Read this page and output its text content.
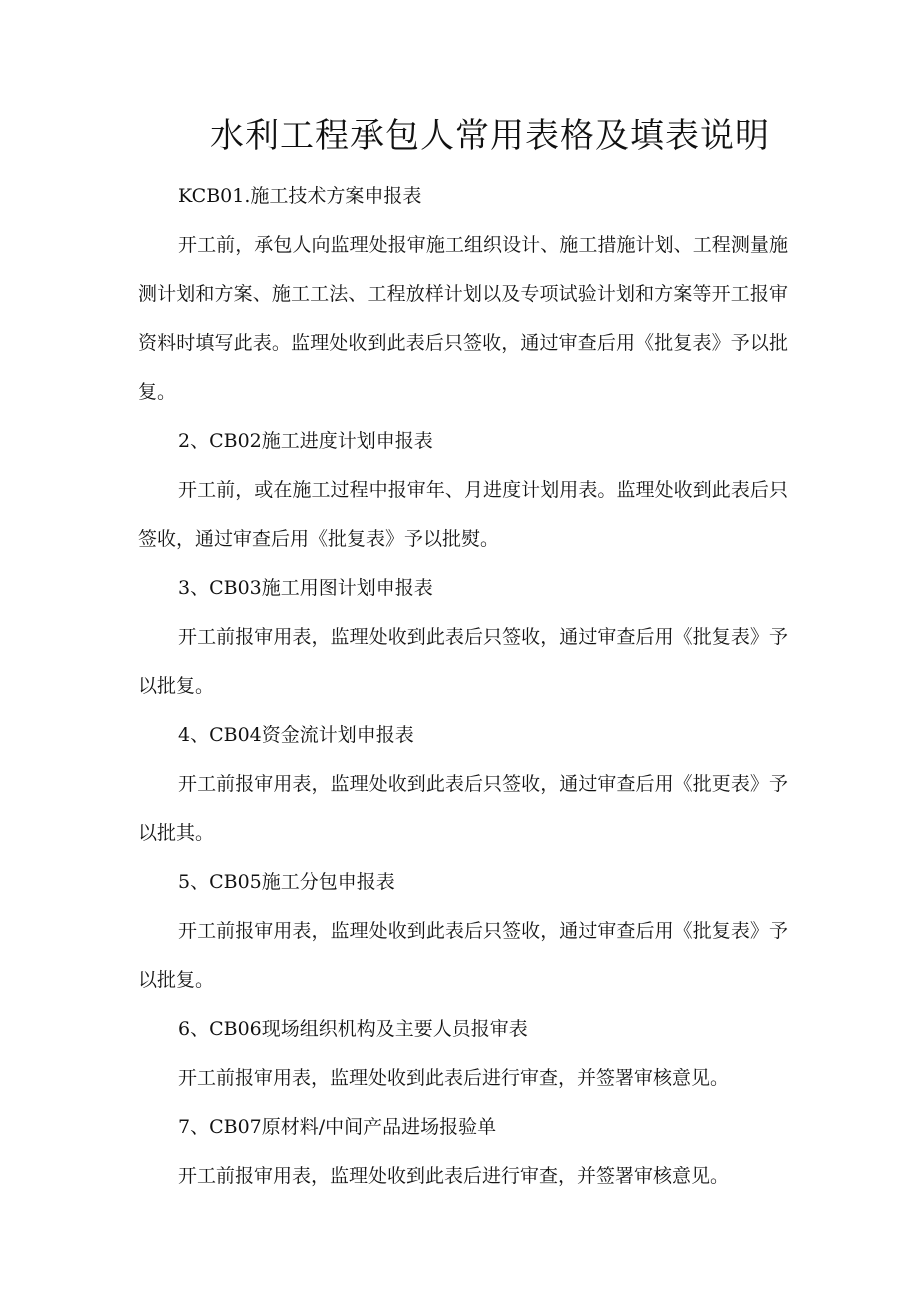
水利工程承包人常用表格及填表说明

KCB01.施工技术方案申报表

开工前，承包人向监理处报审施工组织设计、施工措施计划、工程测量施测计划和方案、施工工法、工程放样计划以及专项试验计划和方案等开工报审资料时填写此表。监理处收到此表后只签收，通过审查后用《批复表》予以批复。

2、CB02施工进度计划申报表

开工前，或在施工过程中报审年、月进度计划用表。监理处收到此表后只签收，通过审查后用《批复表》予以批熨。

3、CB03施工用图计划申报表

开工前报审用表，监理处收到此表后只签收，通过审查后用《批复表》予以批复。

4、CB04资金流计划申报表

开工前报审用表，监理处收到此表后只签收，通过审查后用《批更表》予以批其。

5、CB05施工分包申报表

开工前报审用表，监理处收到此表后只签收，通过审查后用《批复表》予以批复。

6、CB06现场组织机构及主要人员报审表

开工前报审用表，监理处收到此表后进行审查，并签署审核意见。

7、CB07原材料/中间产品进场报验单

开工前报审用表，监理处收到此表后进行审查，并签署审核意见。
